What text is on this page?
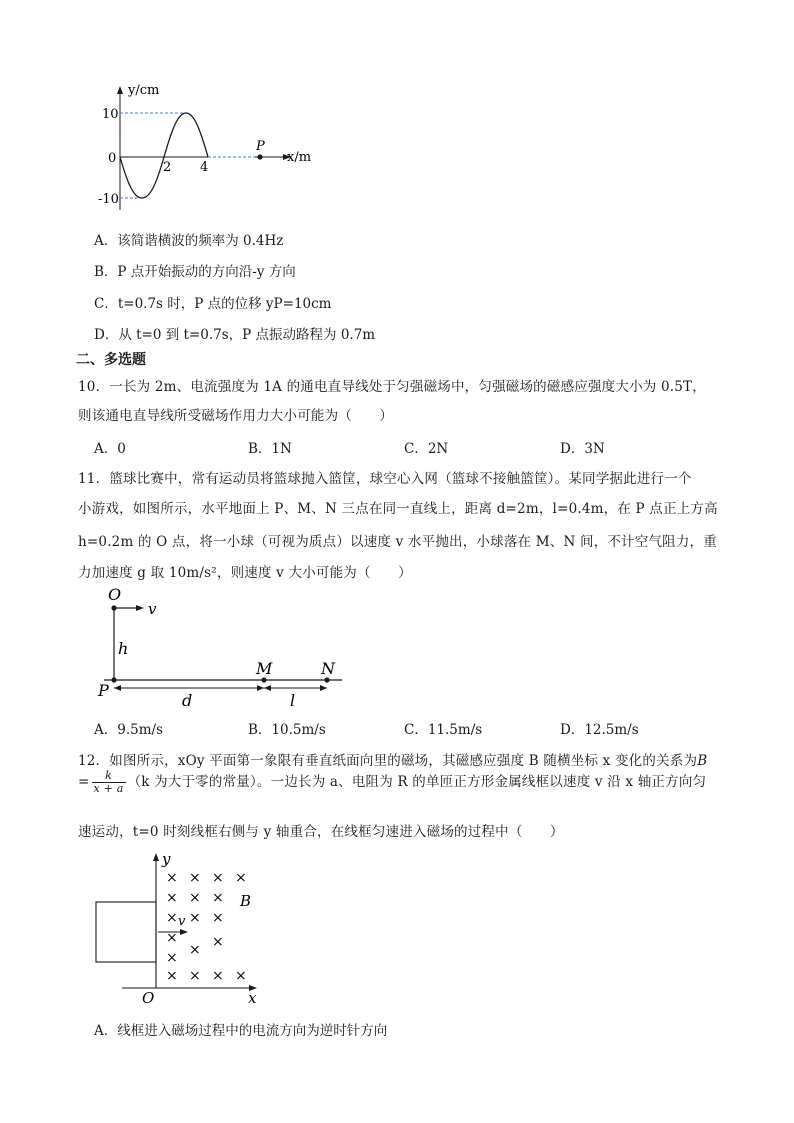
P
y/cm
x/m
10
0
-10
2 4
A．该简谐横波的频率为 0.4Hz
B．P 点开始振动的方向沿-y 方向
C．t=0.7s 时，P 点的位移 yP=10cm
D．从 t=0 到 t=0.7s，P 点振动路程为 0.7m
二、多选题
10．一长为 2m、电流强度为 1A 的通电直导线处于匀强磁场中，匀强磁场的磁感应强度大小为 0.5T，
则该通电直导线所受磁场作用力大小可能为（　　）
A．0	B．1N	C．2N	D．3N
11．篮球比赛中，常有运动员将篮球抛入篮筐，球空心入网（篮球不接触篮筐）。某同学据此进行一个
小游戏，如图所示，水平地面上 P、M、N 三点在同一直线上，距离 d=2m，l=0.4m，在 P 点正上方高
h=0.2m 的 O 点，将一小球（可视为质点）以速度 v 水平抛出，小球落在 M、N 间，不计空气阻力，重
力加速度 g 取 10m/s²，则速度 v 大小可能为（　　）
O
v
h
P
M	N
d	l
A．9.5m/s	B．10.5m/s	C．11.5m/s	D．12.5m/s
12．如图所示，xOy 平面第一象限有垂直纸面向里的磁场，其磁感应强度 B 随横坐标 x 变化的关系为B
= $\frac{k}{x + a} (k$ 为大于零的常量）。一边长为 a、电阻为 R 的单匝正方形金属线框以速度 v 沿 x 轴正方向匀
速运动，t=0 时刻线框右侧与 y 轴重合，在线框匀速进入磁场的过程中（　　）
y
x
O
B
v
× × × ×
× × ×
× × ×
× ×
×
×
× × × ×
A．线框进入磁场过程中的电流方向为逆时针方向
